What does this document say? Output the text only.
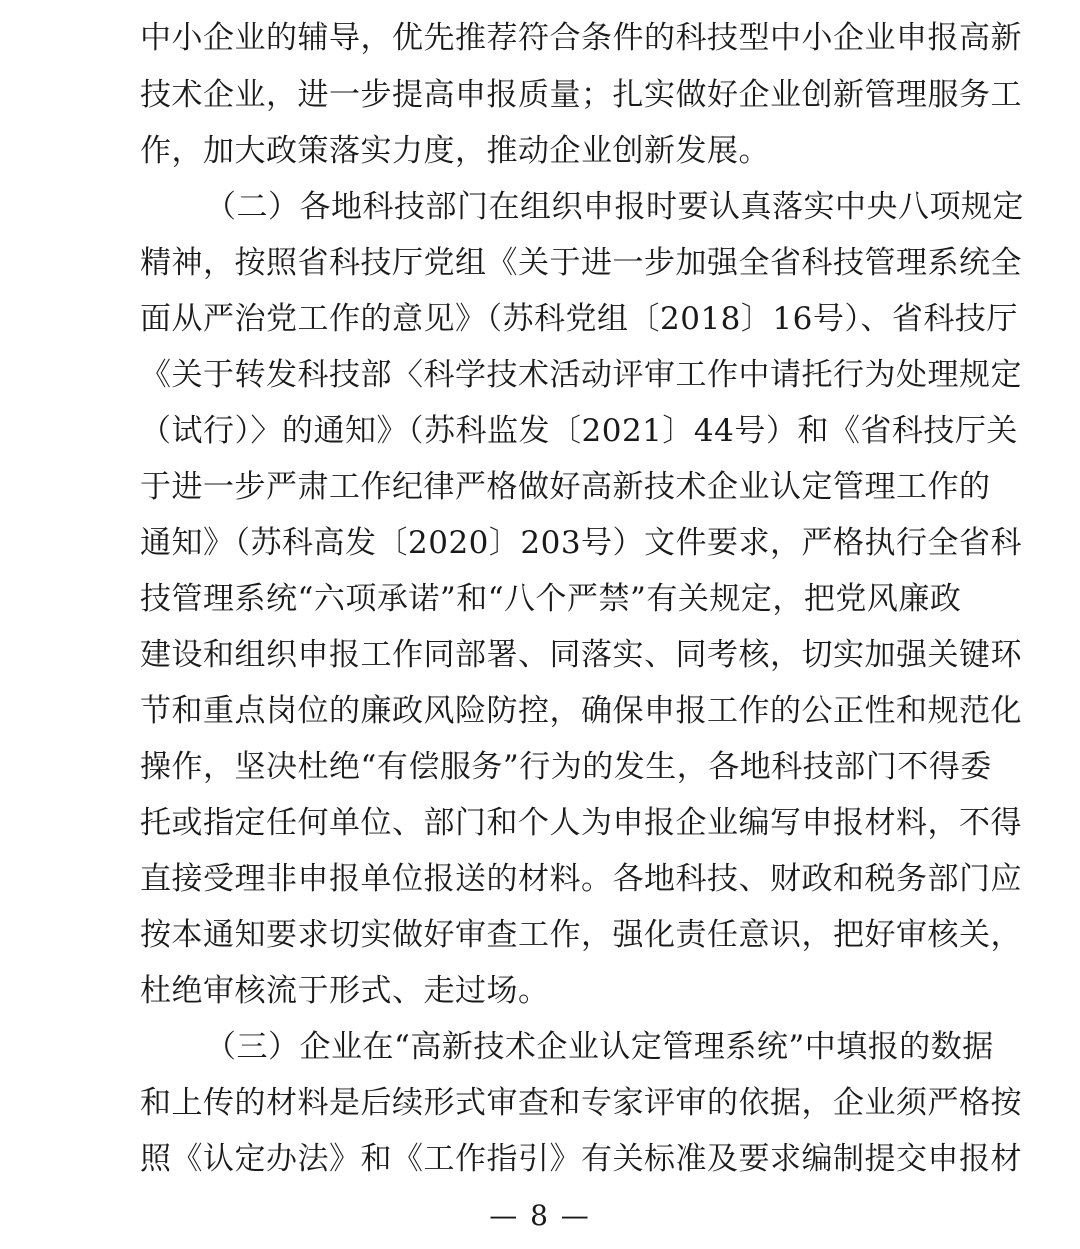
中小企业的辅导，优先推荐符合条件的科技型中小企业申报高新
技术企业，进一步提高申报质量；扎实做好企业创新管理服务工
作，加大政策落实力度，推动企业创新发展。
（二）各地科技部门在组织申报时要认真落实中央八项规定
精神，按照省科技厅党组《关于进一步加强全省科技管理系统全
面从严治党工作的意见》（苏科党组〔2018〕16号）、省科技厅
《关于转发科技部〈科学技术活动评审工作中请托行为处理规定
（试行）〉的通知》（苏科监发〔2021〕44号）和《省科技厅关
于进一步严肃工作纪律严格做好高新技术企业认定管理工作的
通知》（苏科高发〔2020〕203号）文件要求，严格执行全省科
技管理系统“六项承诺”和“八个严禁”有关规定，把党风廉政
建设和组织申报工作同部署、同落实、同考核，切实加强关键环
节和重点岗位的廉政风险防控，确保申报工作的公正性和规范化
操作，坚决杜绝“有偿服务”行为的发生，各地科技部门不得委
托或指定任何单位、部门和个人为申报企业编写申报材料，不得
直接受理非申报单位报送的材料。各地科技、财政和税务部门应
按本通知要求切实做好审查工作，强化责任意识，把好审核关，
杜绝审核流于形式、走过场。
（三）企业在“高新技术企业认定管理系统”中填报的数据
和上传的材料是后续形式审查和专家评审的依据，企业须严格按
照《认定办法》和《工作指引》有关标准及要求编制提交申报材
— 8 —
